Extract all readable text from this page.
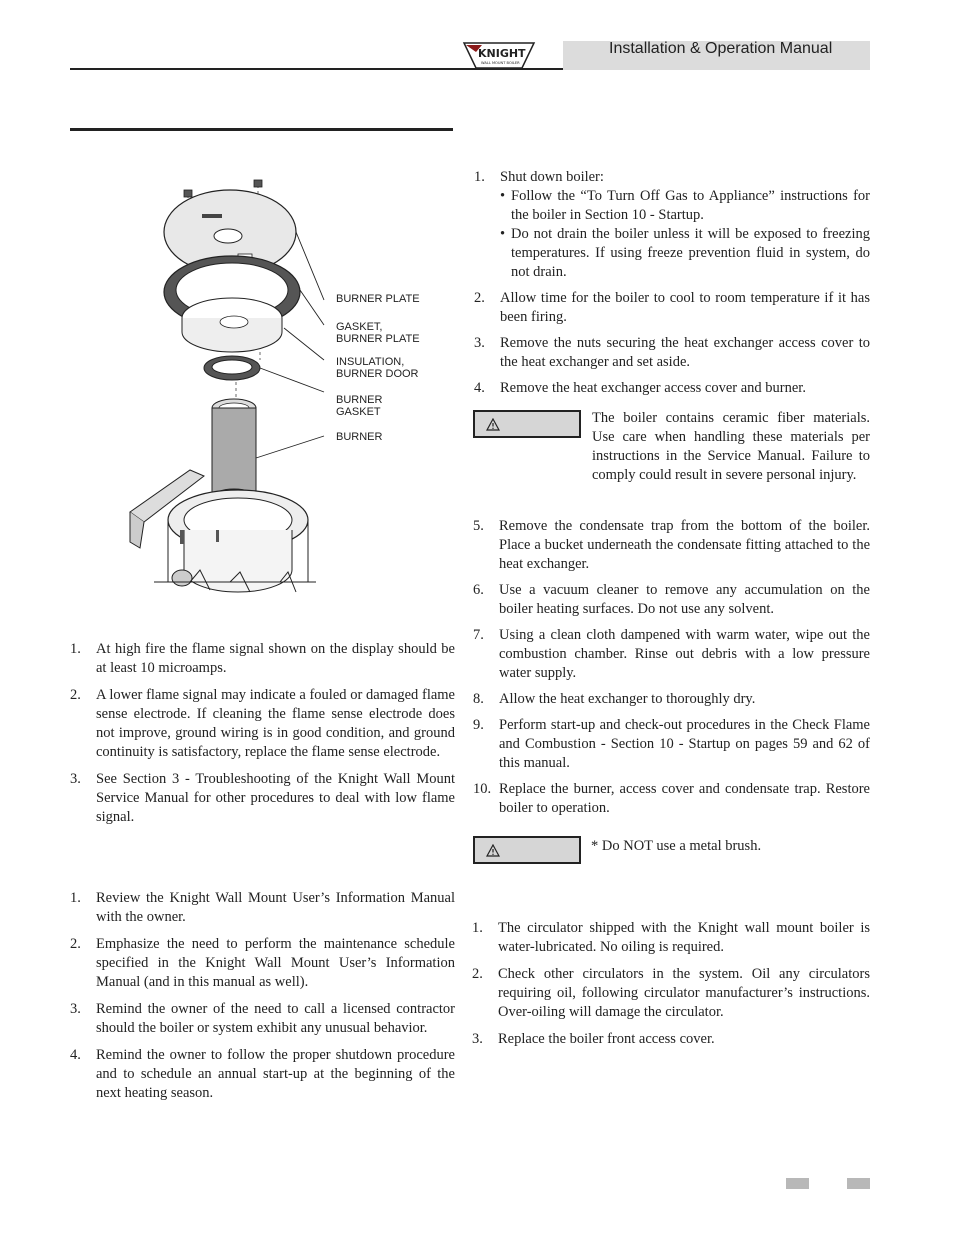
KNIGHT
WALL MOUNT BOILER
Installation & Operation Manual
BURNER PLATE
GASKET,
BURNER PLATE
INSULATION,
BURNER DOOR
BURNER
GASKET
BURNER
1. At high fire the flame signal shown on the display should be at least 10 microamps.
2. A lower flame signal may indicate a fouled or damaged flame sense electrode. If cleaning the flame sense electrode does not improve, ground wiring is in good condition, and ground continuity is satisfactory, replace the flame sense electrode.
3. See Section 3 - Troubleshooting of the Knight Wall Mount Service Manual for other procedures to deal with low flame signal.
1. Review the Knight Wall Mount User’s Information Manual with the owner.
2. Emphasize the need to perform the maintenance schedule specified in the Knight Wall Mount User’s Information Manual (and in this manual as well).
3. Remind the owner of the need to call a licensed contractor should the boiler or system exhibit any unusual behavior.
4. Remind the owner to follow the proper shutdown procedure and to schedule an annual start-up at the beginning of the next heating season.
1. Shut down boiler:
• Follow the “To Turn Off Gas to Appliance” instructions for the boiler in Section 10 - Startup.
• Do not drain the boiler unless it will be exposed to freezing temperatures. If using freeze prevention fluid in system, do not drain.
2. Allow time for the boiler to cool to room temperature if it has been firing.
3. Remove the nuts securing the heat exchanger access cover to the heat exchanger and set aside.
4. Remove the heat exchanger access cover and burner.
The boiler contains ceramic fiber materials. Use care when handling these materials per instructions in the Service Manual. Failure to comply could result in severe personal injury.
5. Remove the condensate trap from the bottom of the boiler. Place a bucket underneath the condensate fitting attached to the heat exchanger.
6. Use a vacuum cleaner to remove any accumulation on the boiler heating surfaces. Do not use any solvent.
7. Using a clean cloth dampened with warm water, wipe out the combustion chamber. Rinse out debris with a low pressure water supply.
8. Allow the heat exchanger to thoroughly dry.
9. Perform start-up and check-out procedures in the Check Flame and Combustion - Section 10 - Startup on pages 59 and 62 of this manual.
10. Replace the burner, access cover and condensate trap. Restore boiler to operation.
* Do NOT use a metal brush.
1. The circulator shipped with the Knight wall mount boiler is water-lubricated. No oiling is required.
2. Check other circulators in the system. Oil any circulators requiring oil, following circulator manufacturer’s instructions. Over-oiling will damage the circulator.
3. Replace the boiler front access cover.
